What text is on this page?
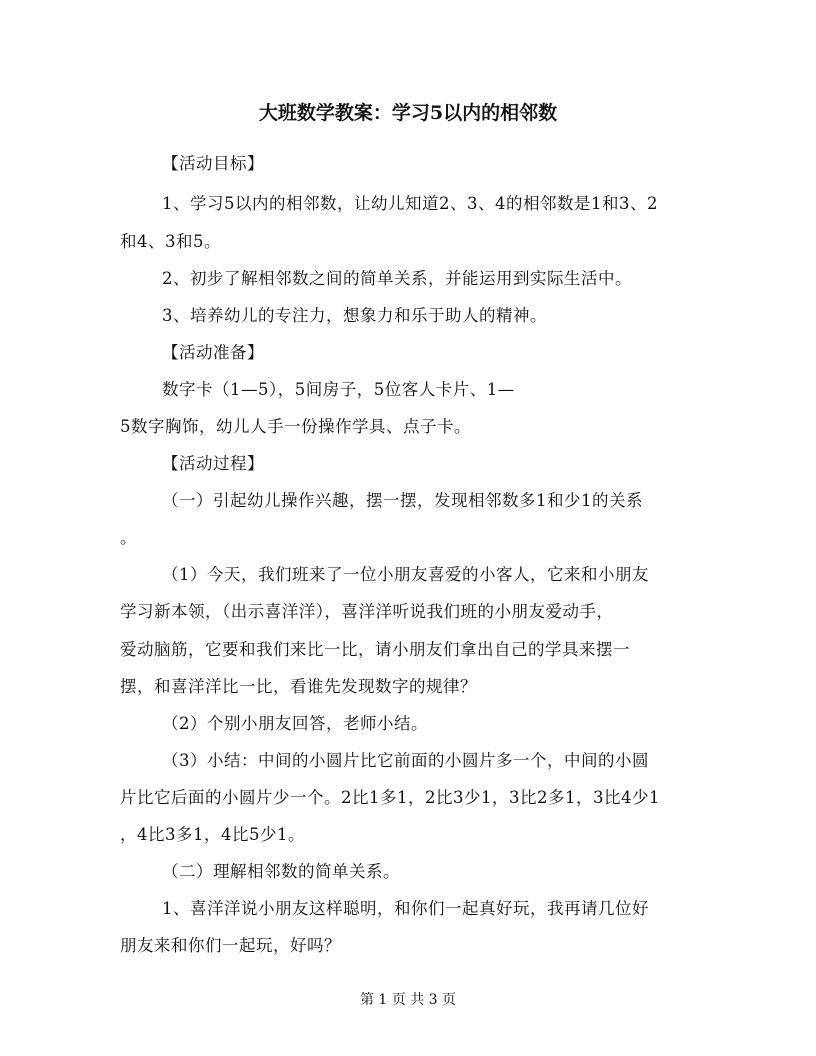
大班数学教案：学习5以内的相邻数
【活动目标】
1、学习5以内的相邻数，让幼儿知道2、3、4的相邻数是1和3、2
和4、3和5。
2、初步了解相邻数之间的简单关系，并能运用到实际生活中。
3、培养幼儿的专注力，想象力和乐于助人的精神。
【活动准备】
数字卡（1—5），5间房子，5位客人卡片、1—
5数字胸饰，幼儿人手一份操作学具、点子卡。
【活动过程】
（一）引起幼儿操作兴趣，摆一摆，发现相邻数多1和少1的关系
。
（1）今天，我们班来了一位小朋友喜爱的小客人，它来和小朋友
学习新本领，（出示喜洋洋），喜洋洋听说我们班的小朋友爱动手，
爱动脑筋，它要和我们来比一比，请小朋友们拿出自己的学具来摆一
摆，和喜洋洋比一比，看谁先发现数字的规律？
（2）个别小朋友回答，老师小结。
（3）小结：中间的小圆片比它前面的小圆片多一个，中间的小圆
片比它后面的小圆片少一个。2比1多1，2比3少1，3比2多1，3比4少1
，4比3多1，4比5少1。
（二）理解相邻数的简单关系。
1、喜洋洋说小朋友这样聪明，和你们一起真好玩，我再请几位好
朋友来和你们一起玩，好吗？
第 1 页 共 3 页
